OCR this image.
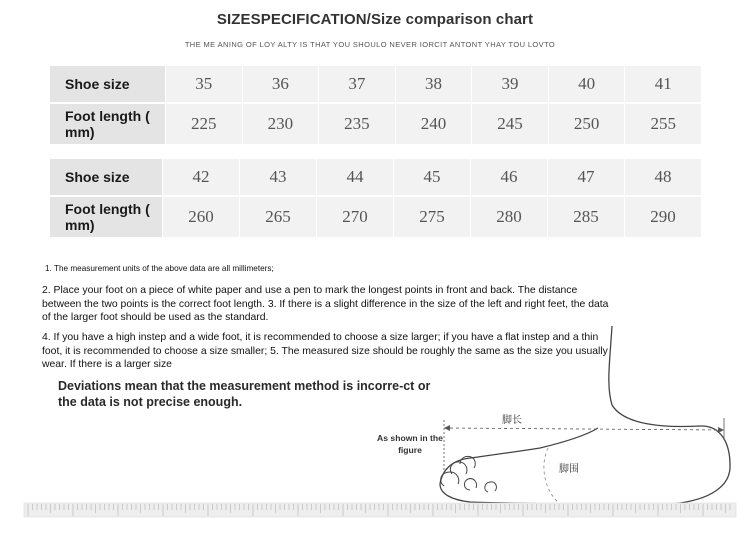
SIZESPECIFICATION/Size comparison chart
THE ME ANING OF LOY ALTY IS THAT YOU SHOULO NEVER IORCIT ANTONT YHAY TOU LOVTO
Shoe size	35	36	37	38	39	40	41
Foot length ( mm)	225	230	235	240	245	250	255
Shoe size	42	43	44	45	46	47	48
Foot length ( mm)	260	265	270	275	280	285	290
1. The measurement units of the above data are all millimeters;
2. Place your foot on a piece of white paper and use a pen to mark the longest points in front and back. The distance between the two points is the correct foot length. 3. If there is a slight difference in the size of the left and right feet, the data of the larger foot should be used as the standard.
4. If you have a high instep and a wide foot, it is recommended to choose a size larger; if you have a flat instep and a thin foot, it is recommended to choose a size smaller; 5. The measured size should be roughly the same as the size you usually wear. If there is a larger size
Deviations mean that the measurement method is incorre-ct or the data is not precise enough.
As shown in the figure
脚长
脚围
